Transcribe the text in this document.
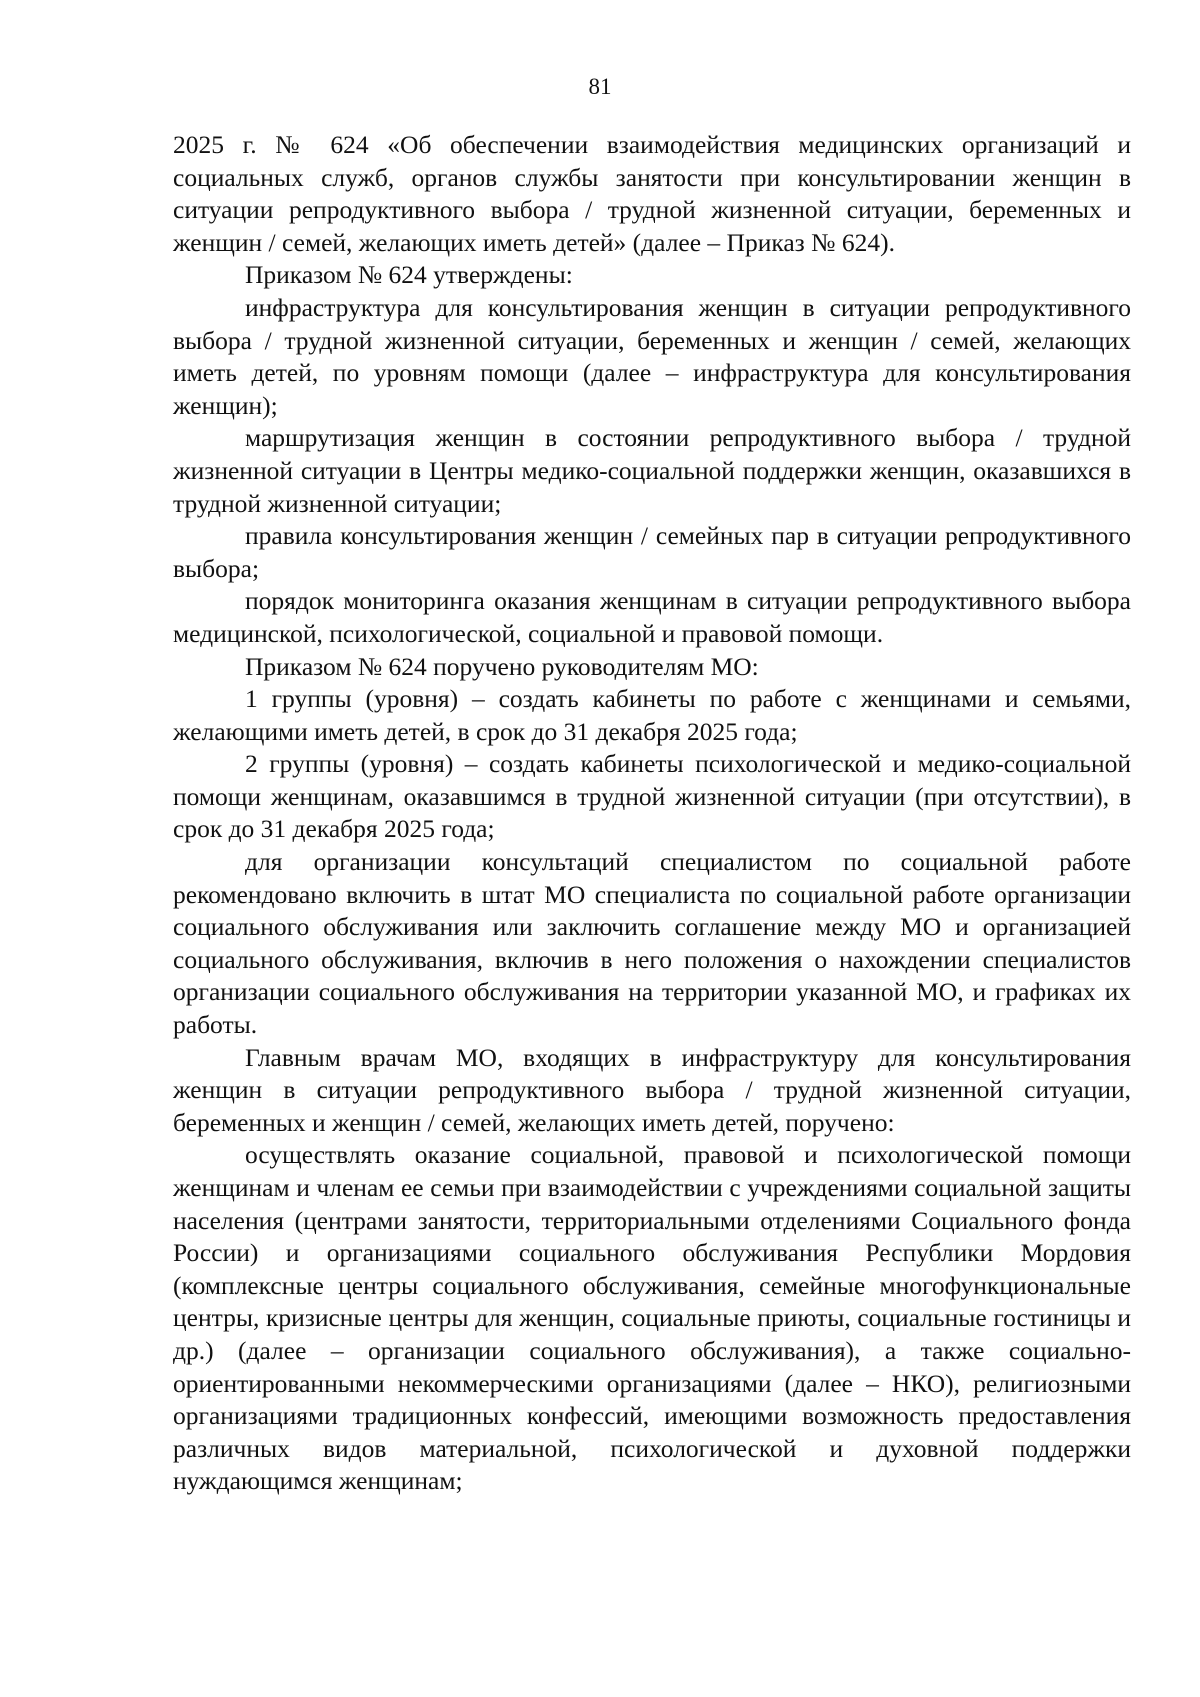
81

2025 г. № 624 «Об обеспечении взаимодействия медицинских организаций и социальных служб, органов службы занятости при консультировании женщин в ситуации репродуктивного выбора / трудной жизненной ситуации, беременных и женщин / семей, желающих иметь детей» (далее – Приказ № 624).

Приказом № 624 утверждены:

инфраструктура для консультирования женщин в ситуации репродуктивного выбора / трудной жизненной ситуации, беременных и женщин / семей, желающих иметь детей, по уровням помощи (далее – инфраструктура для консультирования женщин);

маршрутизация женщин в состоянии репродуктивного выбора / трудной жизненной ситуации в Центры медико-социальной поддержки женщин, оказавшихся в трудной жизненной ситуации;

правила консультирования женщин / семейных пар в ситуации репродуктивного выбора;

порядок мониторинга оказания женщинам в ситуации репродуктивного выбора медицинской, психологической, социальной и правовой помощи.

Приказом № 624 поручено руководителям МО:

1 группы (уровня) – создать кабинеты по работе с женщинами и семьями, желающими иметь детей, в срок до 31 декабря 2025 года;

2 группы (уровня) – создать кабинеты психологической и медико-социальной помощи женщинам, оказавшимся в трудной жизненной ситуации (при отсутствии), в срок до 31 декабря 2025 года;

для организации консультаций специалистом по социальной работе рекомендовано включить в штат МО специалиста по социальной работе организации социального обслуживания или заключить соглашение между МО и организацией социального обслуживания, включив в него положения о нахождении специалистов организации социального обслуживания на территории указанной МО, и графиках их работы.

Главным врачам МО, входящих в инфраструктуру для консультирования женщин в ситуации репродуктивного выбора / трудной жизненной ситуации, беременных и женщин / семей, желающих иметь детей, поручено:

осуществлять оказание социальной, правовой и психологической помощи женщинам и членам ее семьи при взаимодействии с учреждениями социальной защиты населения (центрами занятости, территориальными отделениями Социального фонда России) и организациями социального обслуживания Республики Мордовия (комплексные центры социального обслуживания, семейные многофункциональные центры, кризисные центры для женщин, социальные приюты, социальные гостиницы и др.) (далее – организации социального обслуживания), а также социально-ориентированными некоммерческими организациями (далее – НКО), религиозными организациями традиционных конфессий, имеющими возможность предоставления различных видов материальной, психологической и духовной поддержки нуждающимся женщинам;
